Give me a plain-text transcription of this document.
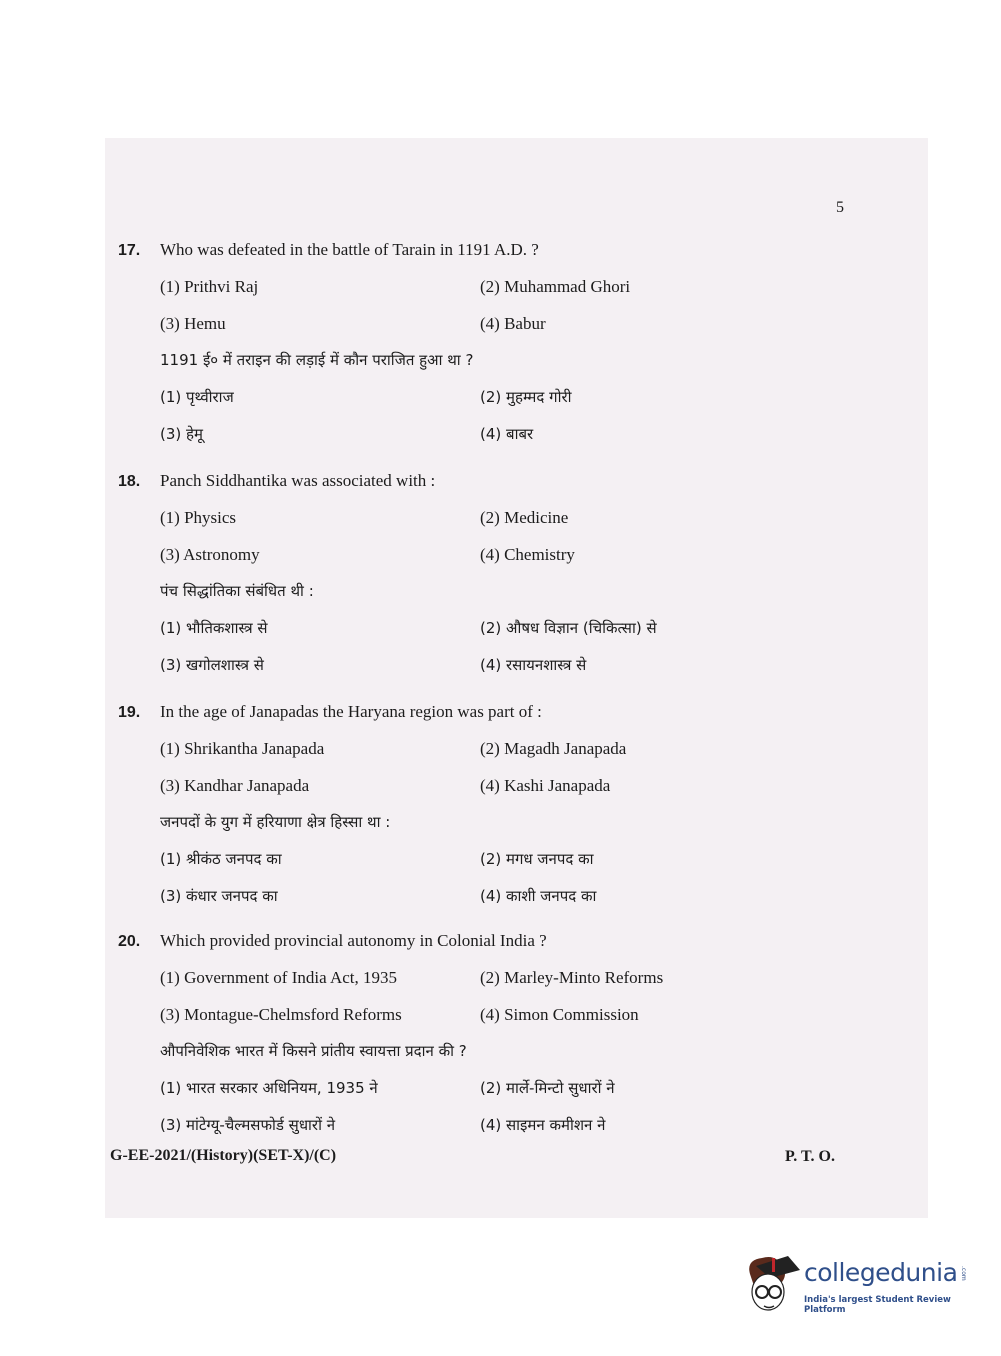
5
17. Who was defeated in the battle of Tarain in 1191 A.D. ?
(1) Prithvi Raj	(2) Muhammad Ghori
(3) Hemu	(4) Babur
1191 ई० में तराइन की लड़ाई में कौन पराजित हुआ था ?
(1) पृथ्वीराज	(2) मुहम्मद गोरी
(3) हेमू	(4) बाबर
18. Panch Siddhantika was associated with :
(1) Physics	(2) Medicine
(3) Astronomy	(4) Chemistry
पंच सिद्धांतिका संबंधित थी :
(1) भौतिकशास्त्र से	(2) औषध विज्ञान (चिकित्सा) से
(3) खगोलशास्त्र से	(4) रसायनशास्त्र से
19. In the age of Janapadas the Haryana region was part of :
(1) Shrikantha Janapada	(2) Magadh Janapada
(3) Kandhar Janapada	(4) Kashi Janapada
जनपदों के युग में हरियाणा क्षेत्र हिस्सा था :
(1) श्रीकंठ जनपद का	(2) मगध जनपद का
(3) कंधार जनपद का	(4) काशी जनपद का
20. Which provided provincial autonomy in Colonial India ?
(1) Government of India Act, 1935	(2) Marley-Minto Reforms
(3) Montague-Chelmsford Reforms	(4) Simon Commission
औपनिवेशिक भारत में किसने प्रांतीय स्वायत्ता प्रदान की ?
(1) भारत सरकार अधिनियम, 1935 ने	(2) मार्ले-मिन्टो सुधारों ने
(3) मांटेग्यू-चैल्मसफोर्ड सुधारों ने	(4) साइमन कमीशन ने
G-EE-2021/(History)(SET-X)/(C)	P. T. O.
collegedunia .com
India's largest Student Review Platform
